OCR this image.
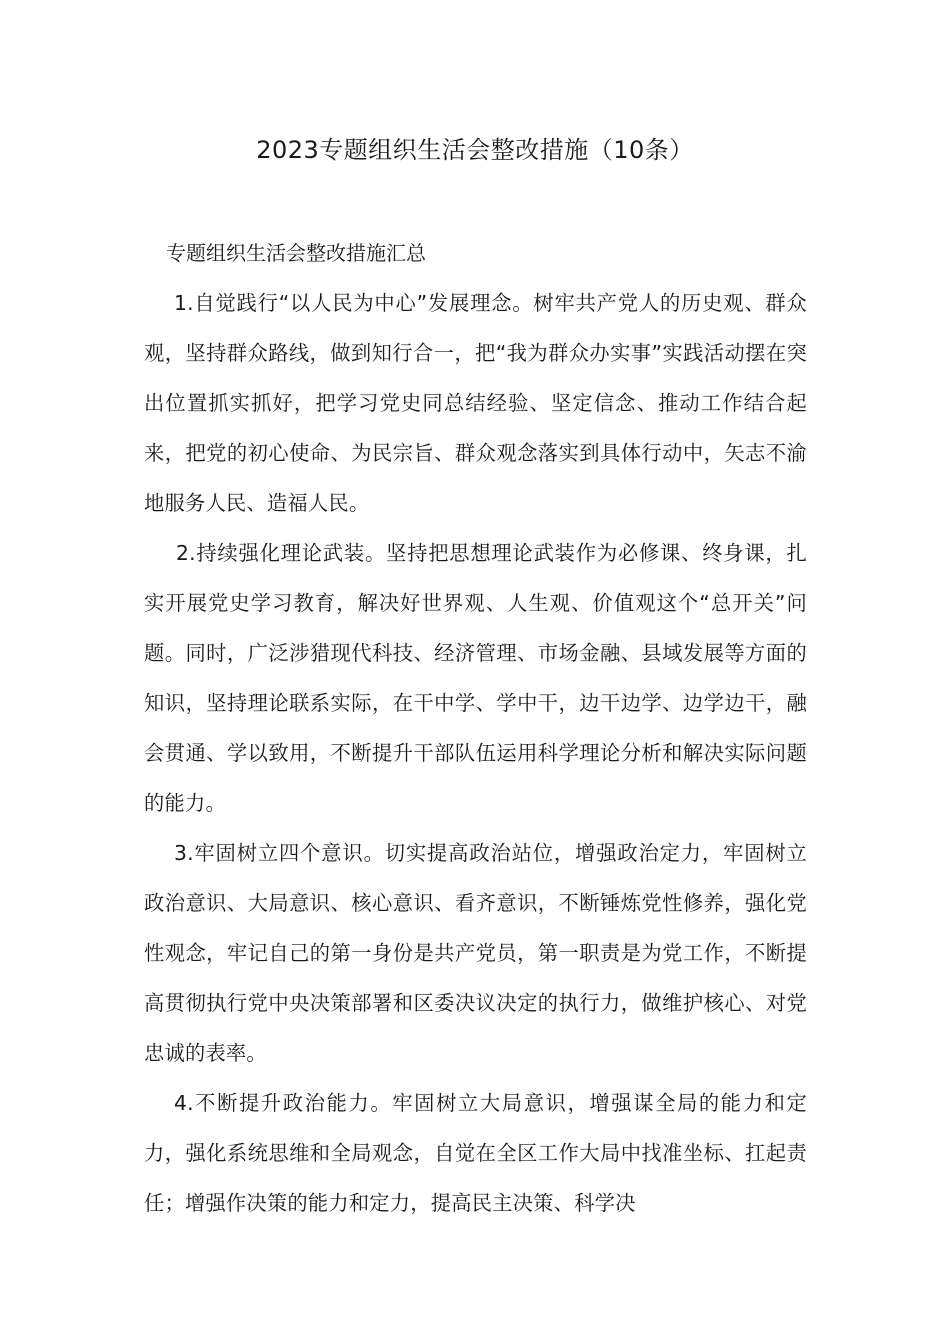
2023专题组织生活会整改措施（10条）

专题组织生活会整改措施汇总

1.自觉践行“以人民为中心”发展理念。树牢共产党人的历史观、群众观，坚持群众路线，做到知行合一，把“我为群众办实事”实践活动摆在突出位置抓实抓好，把学习党史同总结经验、坚定信念、推动工作结合起来，把党的初心使命、为民宗旨、群众观念落实到具体行动中，矢志不渝地服务人民、造福人民。

2.持续强化理论武装。坚持把思想理论武装作为必修课、终身课，扎实开展党史学习教育，解决好世界观、人生观、价值观这个“总开关”问题。同时，广泛涉猎现代科技、经济管理、市场金融、县域发展等方面的知识，坚持理论联系实际，在干中学、学中干，边干边学、边学边干，融会贯通、学以致用，不断提升干部队伍运用科学理论分析和解决实际问题的能力。

3.牢固树立四个意识。切实提高政治站位，增强政治定力，牢固树立政治意识、大局意识、核心意识、看齐意识，不断锤炼党性修养，强化党性观念，牢记自己的第一身份是共产党员，第一职责是为党工作，不断提高贯彻执行党中央决策部署和区委决议决定的执行力，做维护核心、对党忠诚的表率。

4.不断提升政治能力。牢固树立大局意识，增强谋全局的能力和定力，强化系统思维和全局观念，自觉在全区工作大局中找准坐标、扛起责任；增强作决策的能力和定力，提高民主决策、科学决
